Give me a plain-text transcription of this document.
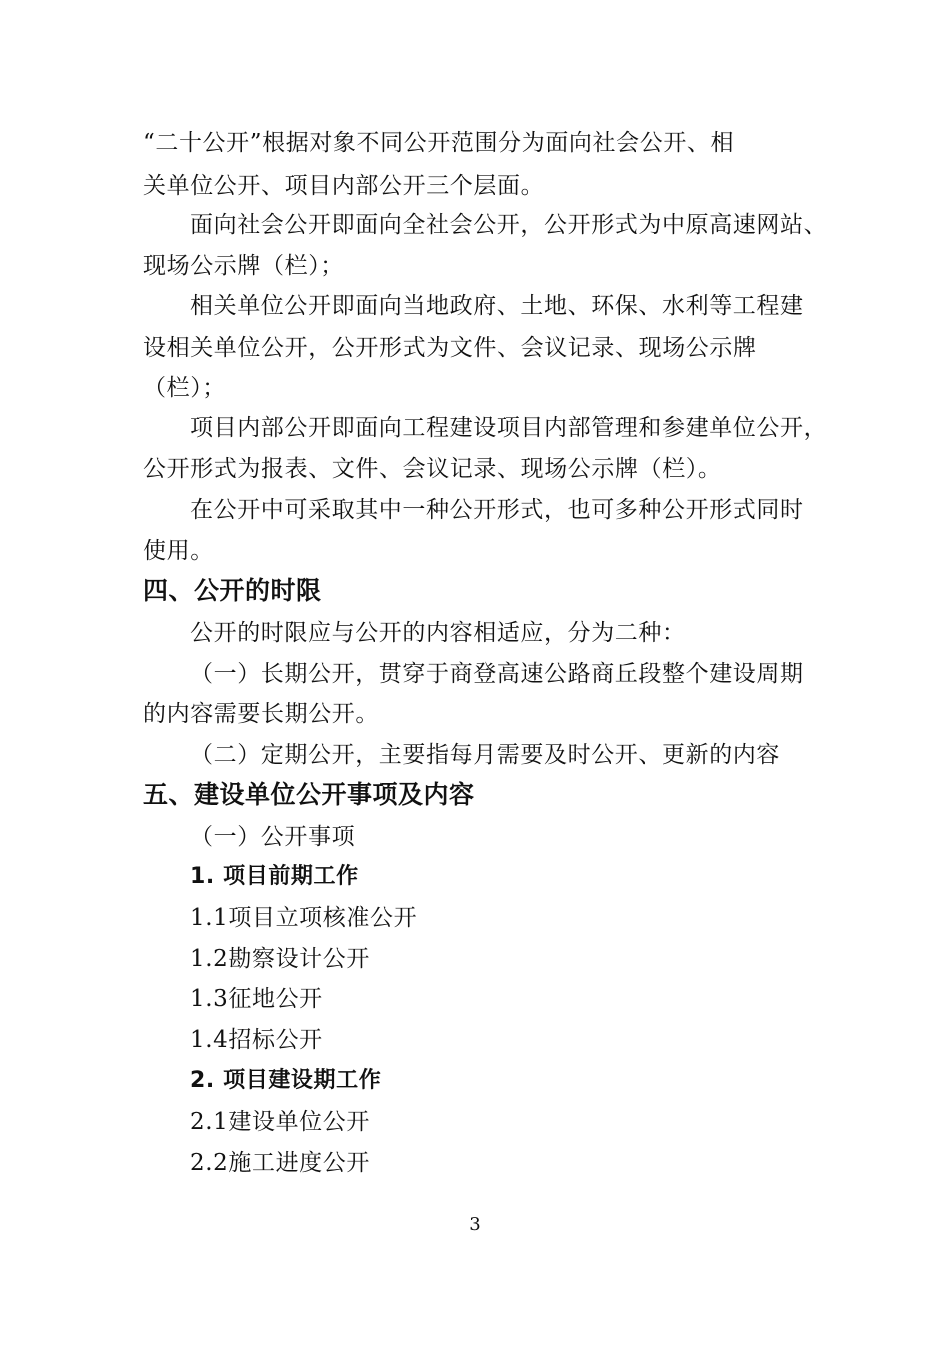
“二十公开”根据对象不同公开范围分为面向社会公开、相
关单位公开、项目内部公开三个层面。
面向社会公开即面向全社会公开，公开形式为中原高速网站、
现场公示牌（栏）；
相关单位公开即面向当地政府、土地、环保、水利等工程建
设相关单位公开，公开形式为文件、会议记录、现场公示牌
（栏）；
项目内部公开即面向工程建设项目内部管理和参建单位公开，
公开形式为报表、文件、会议记录、现场公示牌（栏）。
在公开中可采取其中一种公开形式，也可多种公开形式同时
使用。
四、公开的时限
公开的时限应与公开的内容相适应，分为二种：
（一）长期公开，贯穿于商登高速公路商丘段整个建设周期
的内容需要长期公开。
（二）定期公开，主要指每月需要及时公开、更新的内容
五、建设单位公开事项及内容
（一）公开事项
1. 项目前期工作
1.1项目立项核准公开
1.2勘察设计公开
1.3征地公开
1.4招标公开
2. 项目建设期工作
2.1建设单位公开
2.2施工进度公开
3
